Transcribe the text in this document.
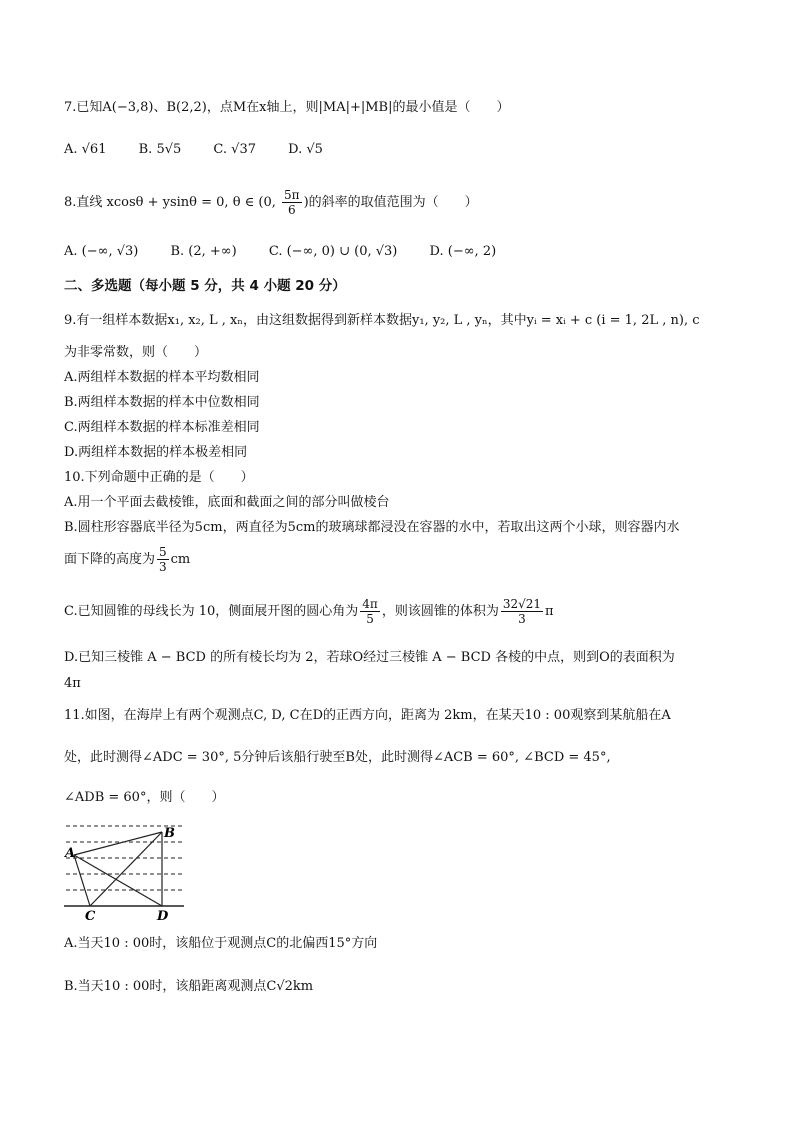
7.已知A(−3,8)、B(2,2)，点M在x轴上，则|MA|+|MB|的最小值是（　　）
A. √61 B. 5√5 C. √37 D. √5
8.直线 xcosθ + ysinθ = 0, θ ∈ (0, $\frac{5\pi}{6}$ )的斜率的取值范围为（　　）
A. (−∞, √3) B. (2, +∞) C. (−∞, 0) ∪ (0, √3) D. (−∞, 2)
二、多选题（每小题 5 分，共 4 小题 20 分）
9.有一组样本数据x₁, x₂, L , xₙ，由这组数据得到新样本数据y₁, y₂, L , yₙ，其中yᵢ = xᵢ + c (i = 1, 2L , n), c
为非零常数，则（　　）
A.两组样本数据的样本平均数相同
B.两组样本数据的样本中位数相同
C.两组样本数据的样本标准差相同
D.两组样本数据的样本极差相同
10.下列命题中正确的是（　　）
A.用一个平面去截棱锥，底面和截面之间的部分叫做棱台
B.圆柱形容器底半径为5cm，两直径为5cm的玻璃球都浸没在容器的水中，若取出这两个小球，则容器内水
面下降的高度为 $\frac{5}{3}$ cm
C.已知圆锥的母线长为 10，侧面展开图的圆心角为 $\frac{4\pi}{5}$ ，则该圆锥的体积为 $\frac{32√21}{3}$ π
D.已知三棱锥 A − BCD 的所有棱长均为 2，若球O经过三棱锥 A − BCD 各棱的中点，则到O的表面积为
4π
11.如图，在海岸上有两个观测点C, D, C在D的正西方向，距离为 2km，在某天10 : 00观察到某航船在A
处，此时测得∠ADC = 30°, 5分钟后该船行驶至B处，此时测得∠ACB = 60°, ∠BCD = 45°,
∠ADB = 60°，则（　　）
A
B
C	D
A.当天10 : 00时，该船位于观测点C的北偏西15°方向
B.当天10 : 00时，该船距离观测点C√2km
